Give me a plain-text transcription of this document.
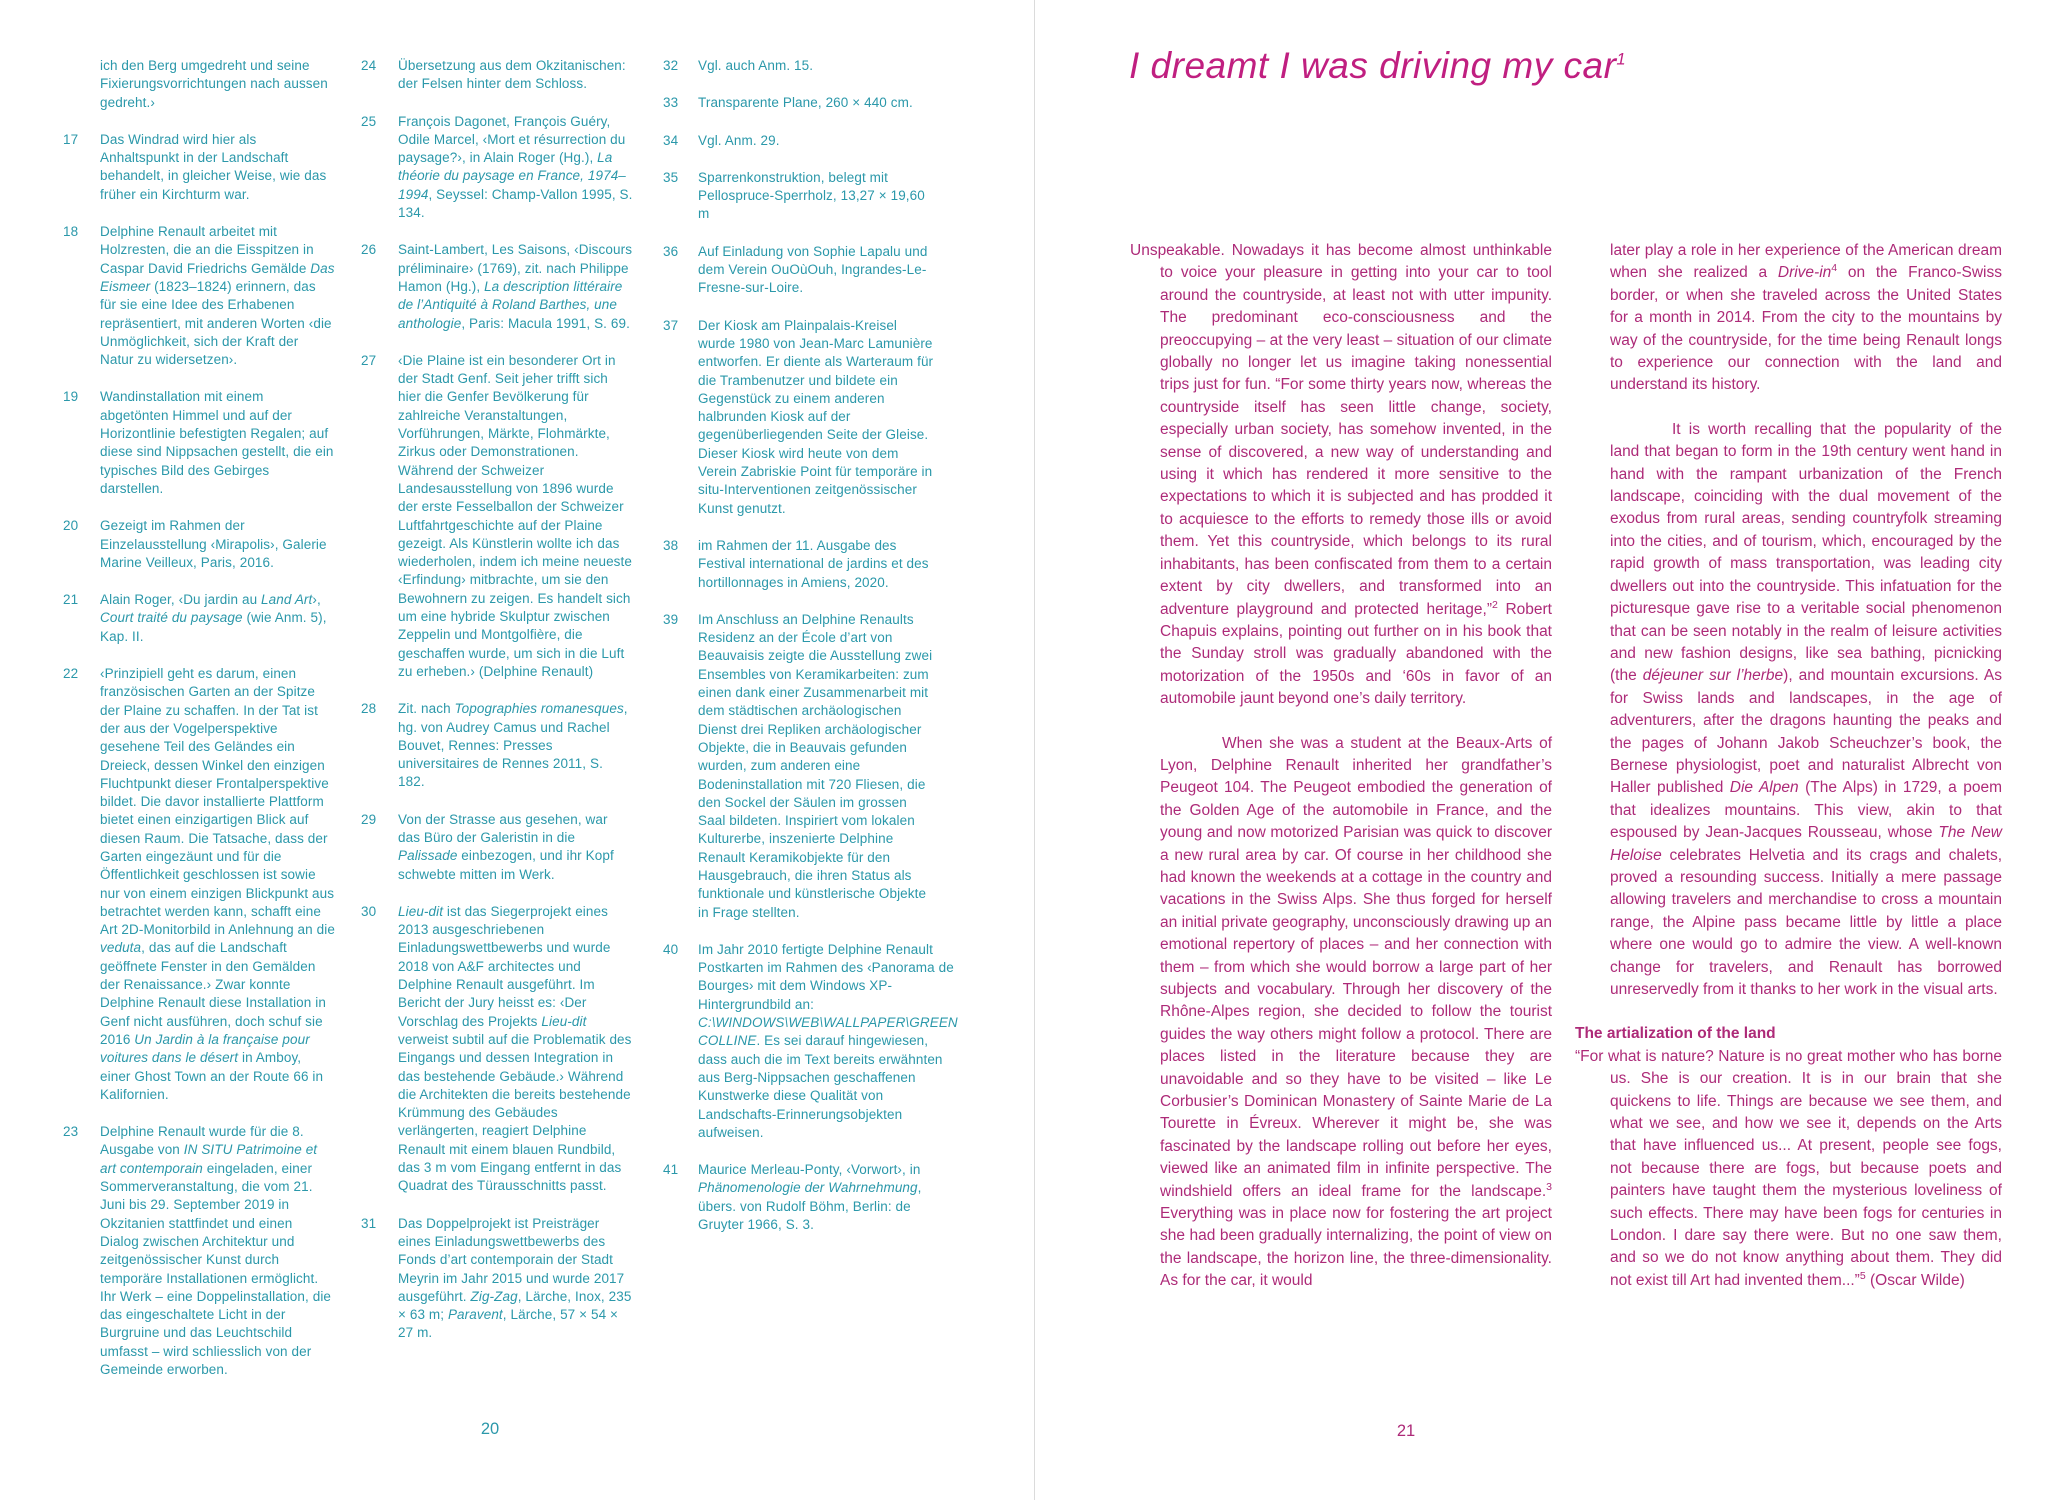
ich den Berg umgedreht und seine Fixierungsvorrichtungen nach aussen gedreht.›
17	Das Windrad wird hier als Anhaltspunkt in der Landschaft behandelt, in gleicher Weise, wie das früher ein Kirchturm war.
18	Delphine Renault arbeitet mit Holzresten, die an die Eisspitzen in Caspar David Friedrichs Gemälde Das Eismeer (1823–1824) erinnern, das für sie eine Idee des Erhabenen repräsentiert, mit anderen Worten ‹die Unmöglichkeit, sich der Kraft der Natur zu widersetzen›.
19	Wandinstallation mit einem abgetönten Himmel und auf der Horizontlinie befestigten Regalen; auf diese sind Nippsachen gestellt, die ein typisches Bild des Gebirges darstellen.
20	Gezeigt im Rahmen der Einzelausstellung ‹Mirapolis›, Galerie Marine Veilleux, Paris, 2016.
21	Alain Roger, ‹Du jardin au Land Art›, Court traité du paysage (wie Anm. 5), Kap. II.
22	‹Prinzipiell geht es darum, einen französischen Garten an der Spitze der Plaine zu schaffen. In der Tat ist der aus der Vogelperspektive gesehene Teil des Geländes ein Dreieck, dessen Winkel den einzigen Fluchtpunkt dieser Frontalperspektive bildet. Die davor installierte Plattform bietet einen einzigartigen Blick auf diesen Raum. Die Tatsache, dass der Garten eingezäunt und für die Öffentlichkeit geschlossen ist sowie nur von einem einzigen Blickpunkt aus betrachtet werden kann, schafft eine Art 2D-Monitorbild in Anlehnung an die veduta, das auf die Landschaft geöffnete Fenster in den Gemälden der Renaissance.› Zwar konnte Delphine Renault diese Installation in Genf nicht ausführen, doch schuf sie 2016 Un Jardin à la française pour voitures dans le désert in Amboy, einer Ghost Town an der Route 66 in Kalifornien.
23	Delphine Renault wurde für die 8. Ausgabe von IN SITU Patrimoine et art contemporain eingeladen, einer Sommerveranstaltung, die vom 21. Juni bis 29. September 2019 in Okzitanien stattfindet und einen Dialog zwischen Architektur und zeitgenössischer Kunst durch temporäre Installationen ermöglicht. Ihr Werk – eine Doppelinstallation, die das eingeschaltete Licht in der Burgruine und das Leuchtschild umfasst – wird schliesslich von der Gemeinde erworben.
24	Übersetzung aus dem Okzitanischen: der Felsen hinter dem Schloss.
25	François Dagonet, François Guéry, Odile Marcel, ‹Mort et résurrection du paysage?›, in Alain Roger (Hg.), La théorie du paysage en France, 1974–1994, Seyssel: Champ-Vallon 1995, S. 134.
26	Saint-Lambert, Les Saisons, ‹Discours préliminaire› (1769), zit. nach Philippe Hamon (Hg.), La description littéraire de l’Antiquité à Roland Barthes, une anthologie, Paris: Macula 1991, S. 69.
27	‹Die Plaine ist ein besonderer Ort in der Stadt Genf. Seit jeher trifft sich hier die Genfer Bevölkerung für zahlreiche Veranstaltungen, Vorführungen, Märkte, Flohmärkte, Zirkus oder Demonstrationen. Während der Schweizer Landesausstellung von 1896 wurde der erste Fesselballon der Schweizer Luftfahrtgeschichte auf der Plaine gezeigt. Als Künstlerin wollte ich das wiederholen, indem ich meine neueste ‹Erfindung› mitbrachte, um sie den Bewohnern zu zeigen. Es handelt sich um eine hybride Skulptur zwischen Zeppelin und Montgolfière, die geschaffen wurde, um sich in die Luft zu erheben.› (Delphine Renault)
28	Zit. nach Topographies romanesques, hg. von Audrey Camus und Rachel Bouvet, Rennes: Presses universitaires de Rennes 2011, S. 182.
29	Von der Strasse aus gesehen, war das Büro der Galeristin in die Palissade einbezogen, und ihr Kopf schwebte mitten im Werk.
30	Lieu-dit ist das Siegerprojekt eines 2013 ausgeschriebenen Einladungswettbewerbs und wurde 2018 von A&F architectes und Delphine Renault ausgeführt. Im Bericht der Jury heisst es: ‹Der Vorschlag des Projekts Lieu-dit verweist subtil auf die Problematik des Eingangs und dessen Integration in das bestehende Gebäude.› Während die Architekten die bereits bestehende Krümmung des Gebäudes verlängerten, reagiert Delphine Renault mit einem blauen Rundbild, das 3 m vom Eingang entfernt in das Quadrat des Türausschnitts passt.
31	Das Doppelprojekt ist Preisträger eines Einladungswettbewerbs des Fonds d’art contemporain der Stadt Meyrin im Jahr 2015 und wurde 2017 ausgeführt. Zig-Zag, Lärche, Inox, 235 × 63 m; Paravent, Lärche, 57 × 54 × 27 m.
32	Vgl. auch Anm. 15.
33	Transparente Plane, 260 × 440 cm.
34	Vgl. Anm. 29.
35	Sparrenkonstruktion, belegt mit Pellospruce-Sperrholz, 13,27 × 19,60 m
36	Auf Einladung von Sophie Lapalu und dem Verein OuOùOuh, Ingrandes-Le-Fresne-sur-Loire.
37	Der Kiosk am Plainpalais-Kreisel wurde 1980 von Jean-Marc Lamunière entworfen. Er diente als Warteraum für die Trambenutzer und bildete ein Gegenstück zu einem anderen halbrunden Kiosk auf der gegenüberliegenden Seite der Gleise. Dieser Kiosk wird heute von dem Verein Zabriskie Point für temporäre in situ-Interventionen zeitgenössischer Kunst genutzt.
38	im Rahmen der 11. Ausgabe des Festival international de jardins et des hortillonnages in Amiens, 2020.
39	Im Anschluss an Delphine Renaults Residenz an der École d’art von Beauvaisis zeigte die Ausstellung zwei Ensembles von Keramikarbeiten: zum einen dank einer Zusammenarbeit mit dem städtischen archäologischen Dienst drei Repliken archäologischer Objekte, die in Beauvais gefunden wurden, zum anderen eine Bodeninstallation mit 720 Fliesen, die den Sockel der Säulen im grossen Saal bildeten. Inspiriert vom lokalen Kulturerbe, inszenierte Delphine Renault Keramikobjekte für den Hausgebrauch, die ihren Status als funktionale und künstlerische Objekte in Frage stellten.
40	Im Jahr 2010 fertigte Delphine Renault Postkarten im Rahmen des ‹Panorama de Bourges› mit dem Windows XP-Hintergrundbild an: C:\WINDOWS\WEB\WALLPAPER\GREEN COLLINE. Es sei darauf hingewiesen, dass auch die im Text bereits erwähnten aus Berg-Nippsachen geschaffenen Kunstwerke diese Qualität von Landschafts-Erinnerungsobjekten aufweisen.
41	Maurice Merleau-Ponty, ‹Vorwort›, in Phänomenologie der Wahrnehmung, übers. von Rudolf Böhm, Berlin: de Gruyter 1966, S. 3.
20
I dreamt I was driving my car$^1$

Unspeakable. Nowadays it has become almost unthinkable to voice your pleasure in getting into your car to tool around the countryside, at least not with utter impunity. The predominant eco-consciousness and the preoccupying – at the very least – situation of our climate globally no longer let us imagine taking nonessential trips just for fun. “For some thirty years now, whereas the countryside itself has seen little change, society, especially urban society, has somehow invented, in the sense of discovered, a new way of understanding and using it which has rendered it more sensitive to the expectations to which it is subjected and has prodded it to acquiesce to the efforts to remedy those ills or avoid them. Yet this countryside, which belongs to its rural inhabitants, has been confiscated from them to a certain extent by city dwellers, and transformed into an adventure playground and protected heritage,”$^2$ Robert Chapuis explains, pointing out further on in his book that the Sunday stroll was gradually abandoned with the motorization of the 1950s and ‘60s in favor of an automobile jaunt beyond one’s daily territory.

When she was a student at the Beaux-Arts of Lyon, Delphine Renault inherited her grandfather’s Peugeot 104. The Peugeot embodied the generation of the Golden Age of the automobile in France, and the young and now motorized Parisian was quick to discover a new rural area by car. Of course in her childhood she had known the weekends at a cottage in the country and vacations in the Swiss Alps. She thus forged for herself an initial private geography, unconsciously drawing up an emotional repertory of places – and her connection with them – from which she would borrow a large part of her subjects and vocabulary. Through her discovery of the Rhône-Alpes region, she decided to follow the tourist guides the way others might follow a protocol. There are places listed in the literature because they are unavoidable and so they have to be visited – like Le Corbusier’s Dominican Monastery of Sainte Marie de La Tourette in Évreux. Wherever it might be, she was fascinated by the landscape rolling out before her eyes, viewed like an animated film in infinite perspective. The windshield offers an ideal frame for the landscape.$^3$ Everything was in place now for fostering the art project she had been gradually internalizing, the point of view on the landscape, the horizon line, the three-dimensionality. As for the car, it would

later play a role in her experience of the American dream when she realized a Drive-$in^4$ on the Franco-Swiss border, or when she traveled across the United States for a month in 2014. From the city to the mountains by way of the countryside, for the time being Renault longs to experience our connection with the land and understand its history.

It is worth recalling that the popularity of the land that began to form in the 19th century went hand in hand with the rampant urbanization of the French landscape, coinciding with the dual movement of the exodus from rural areas, sending countryfolk streaming into the cities, and of tourism, which, encouraged by the rapid growth of mass transportation, was leading city dwellers out into the countryside. This infatuation for the picturesque gave rise to a veritable social phenomenon that can be seen notably in the realm of leisure activities and new fashion designs, like sea bathing, picnicking (the déjeuner sur l’herbe), and mountain excursions. As for Swiss lands and landscapes, in the age of adventurers, after the dragons haunting the peaks and the pages of Johann Jakob Scheuchzer’s book, the Bernese physiologist, poet and naturalist Albrecht von Haller published Die Alpen (The Alps) in 1729, a poem that idealizes mountains. This view, akin to that espoused by Jean-Jacques Rousseau, whose The New Heloise celebrates Helvetia and its crags and chalets, proved a resounding success. Initially a mere passage allowing travelers and merchandise to cross a mountain range, the Alpine pass became little by little a place where one would go to admire the view. A well-known change for travelers, and Renault has borrowed unreservedly from it thanks to her work in the visual arts.

The artialization of the land

“For what is nature? Nature is no great mother who has borne us. She is our creation. It is in our brain that she quickens to life. Things are because we see them, and what we see, and how we see it, depends on the Arts that have influenced us... At present, people see fogs, not because there are fogs, but because poets and painters have taught them the mysterious loveliness of such effects. There may have been fogs for centuries in London. I dare say there were. But no one saw them, and so we do not know anything about them. They did not exist till Art had invented them...”$^5$ (Oscar Wilde)

21
